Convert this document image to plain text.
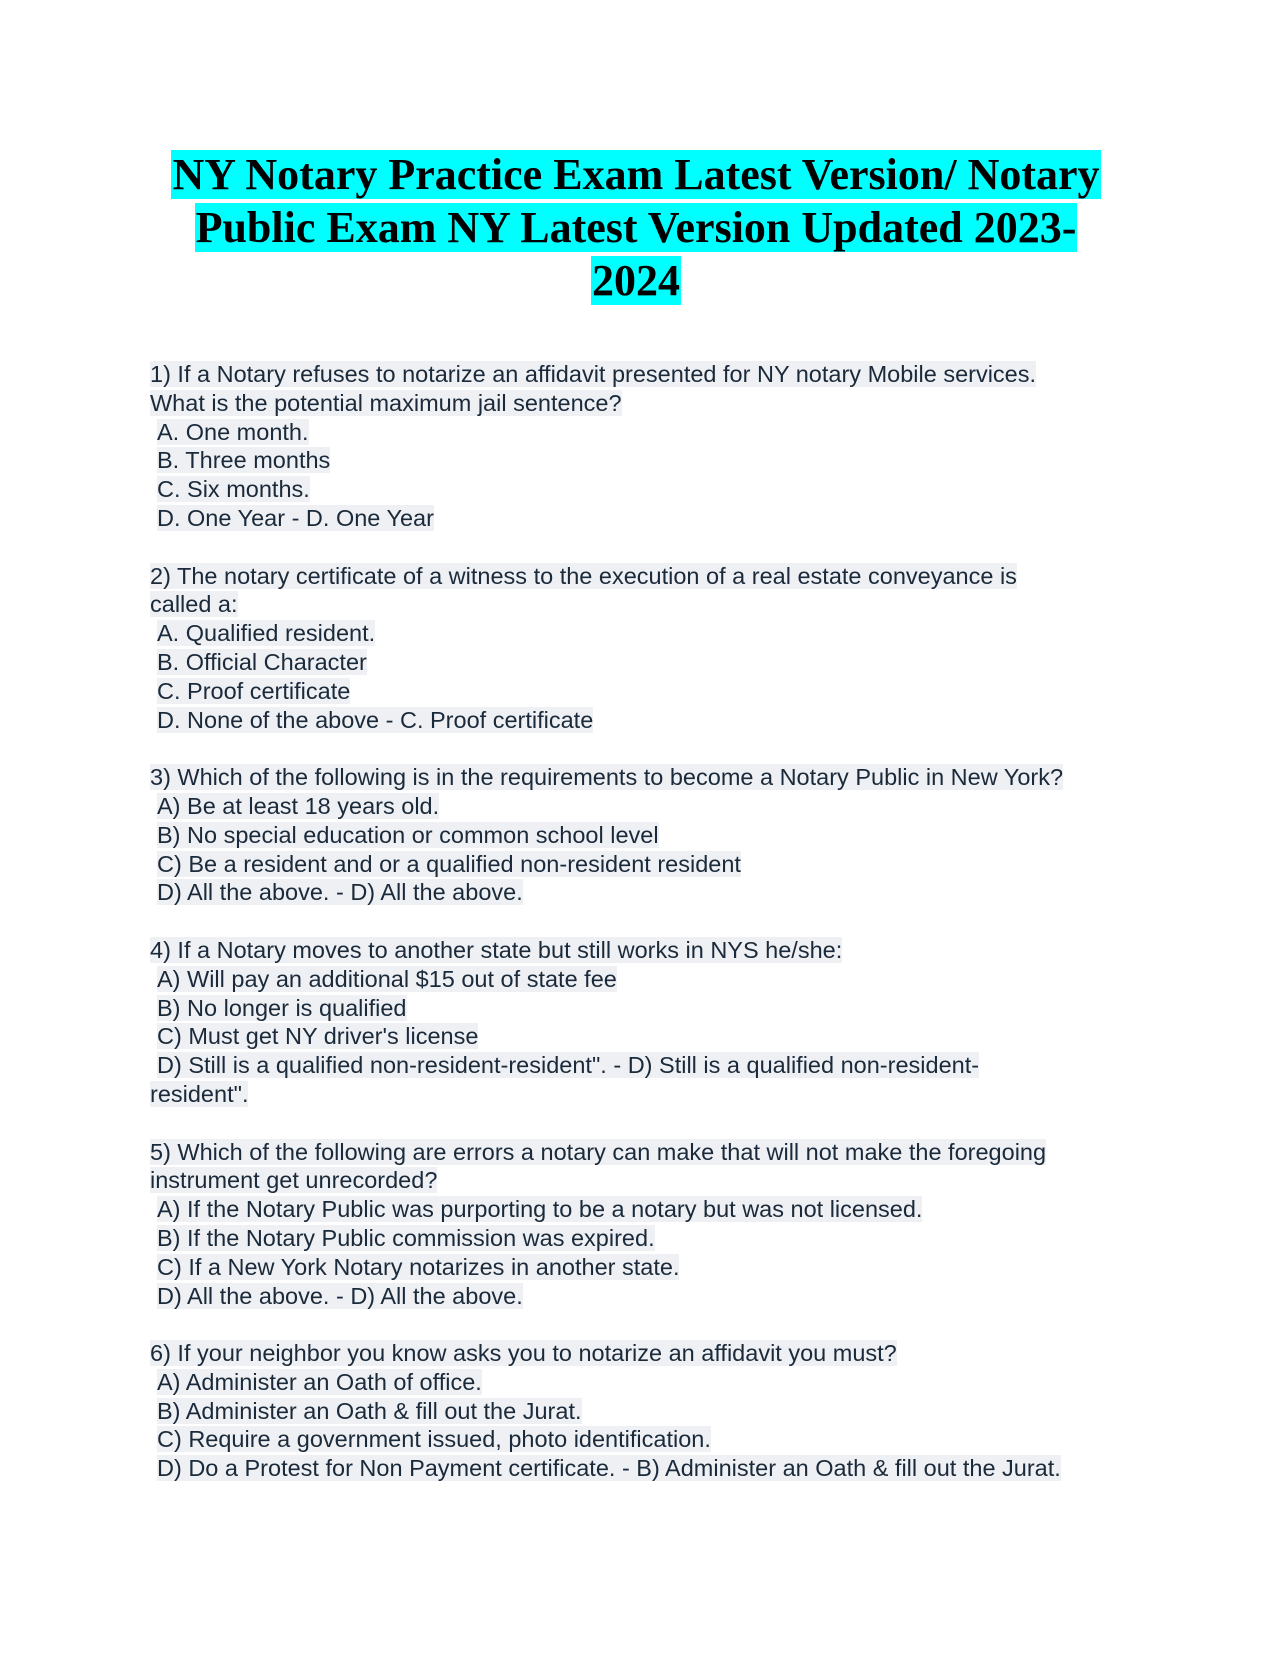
NY Notary Practice Exam Latest Version/ Notary
Public Exam NY Latest Version Updated 2023-
2024
1) If a Notary refuses to notarize an affidavit presented for NY notary Mobile services.
What is the potential maximum jail sentence?
A. One month.
B. Three months
C. Six months.
D. One Year - D. One Year
2) The notary certificate of a witness to the execution of a real estate conveyance is
called a:
A. Qualified resident.
B. Official Character
C. Proof certificate
D. None of the above - C. Proof certificate
3) Which of the following is in the requirements to become a Notary Public in New York?
A) Be at least 18 years old.
B) No special education or common school level
C) Be a resident and or a qualified non-resident resident
D) All the above. - D) All the above.
4) If a Notary moves to another state but still works in NYS he/she:
A) Will pay an additional $15 out of state fee
B) No longer is qualified
C) Must get NY driver's license
D) Still is a qualified non-resident-resident". - D) Still is a qualified non-resident-
resident".
5) Which of the following are errors a notary can make that will not make the foregoing
instrument get unrecorded?
A) If the Notary Public was purporting to be a notary but was not licensed.
B) If the Notary Public commission was expired.
C) If a New York Notary notarizes in another state.
D) All the above. - D) All the above.
6) If your neighbor you know asks you to notarize an affidavit you must?
A) Administer an Oath of office.
B) Administer an Oath & fill out the Jurat.
C) Require a government issued, photo identification.
D) Do a Protest for Non Payment certificate. - B) Administer an Oath & fill out the Jurat.
